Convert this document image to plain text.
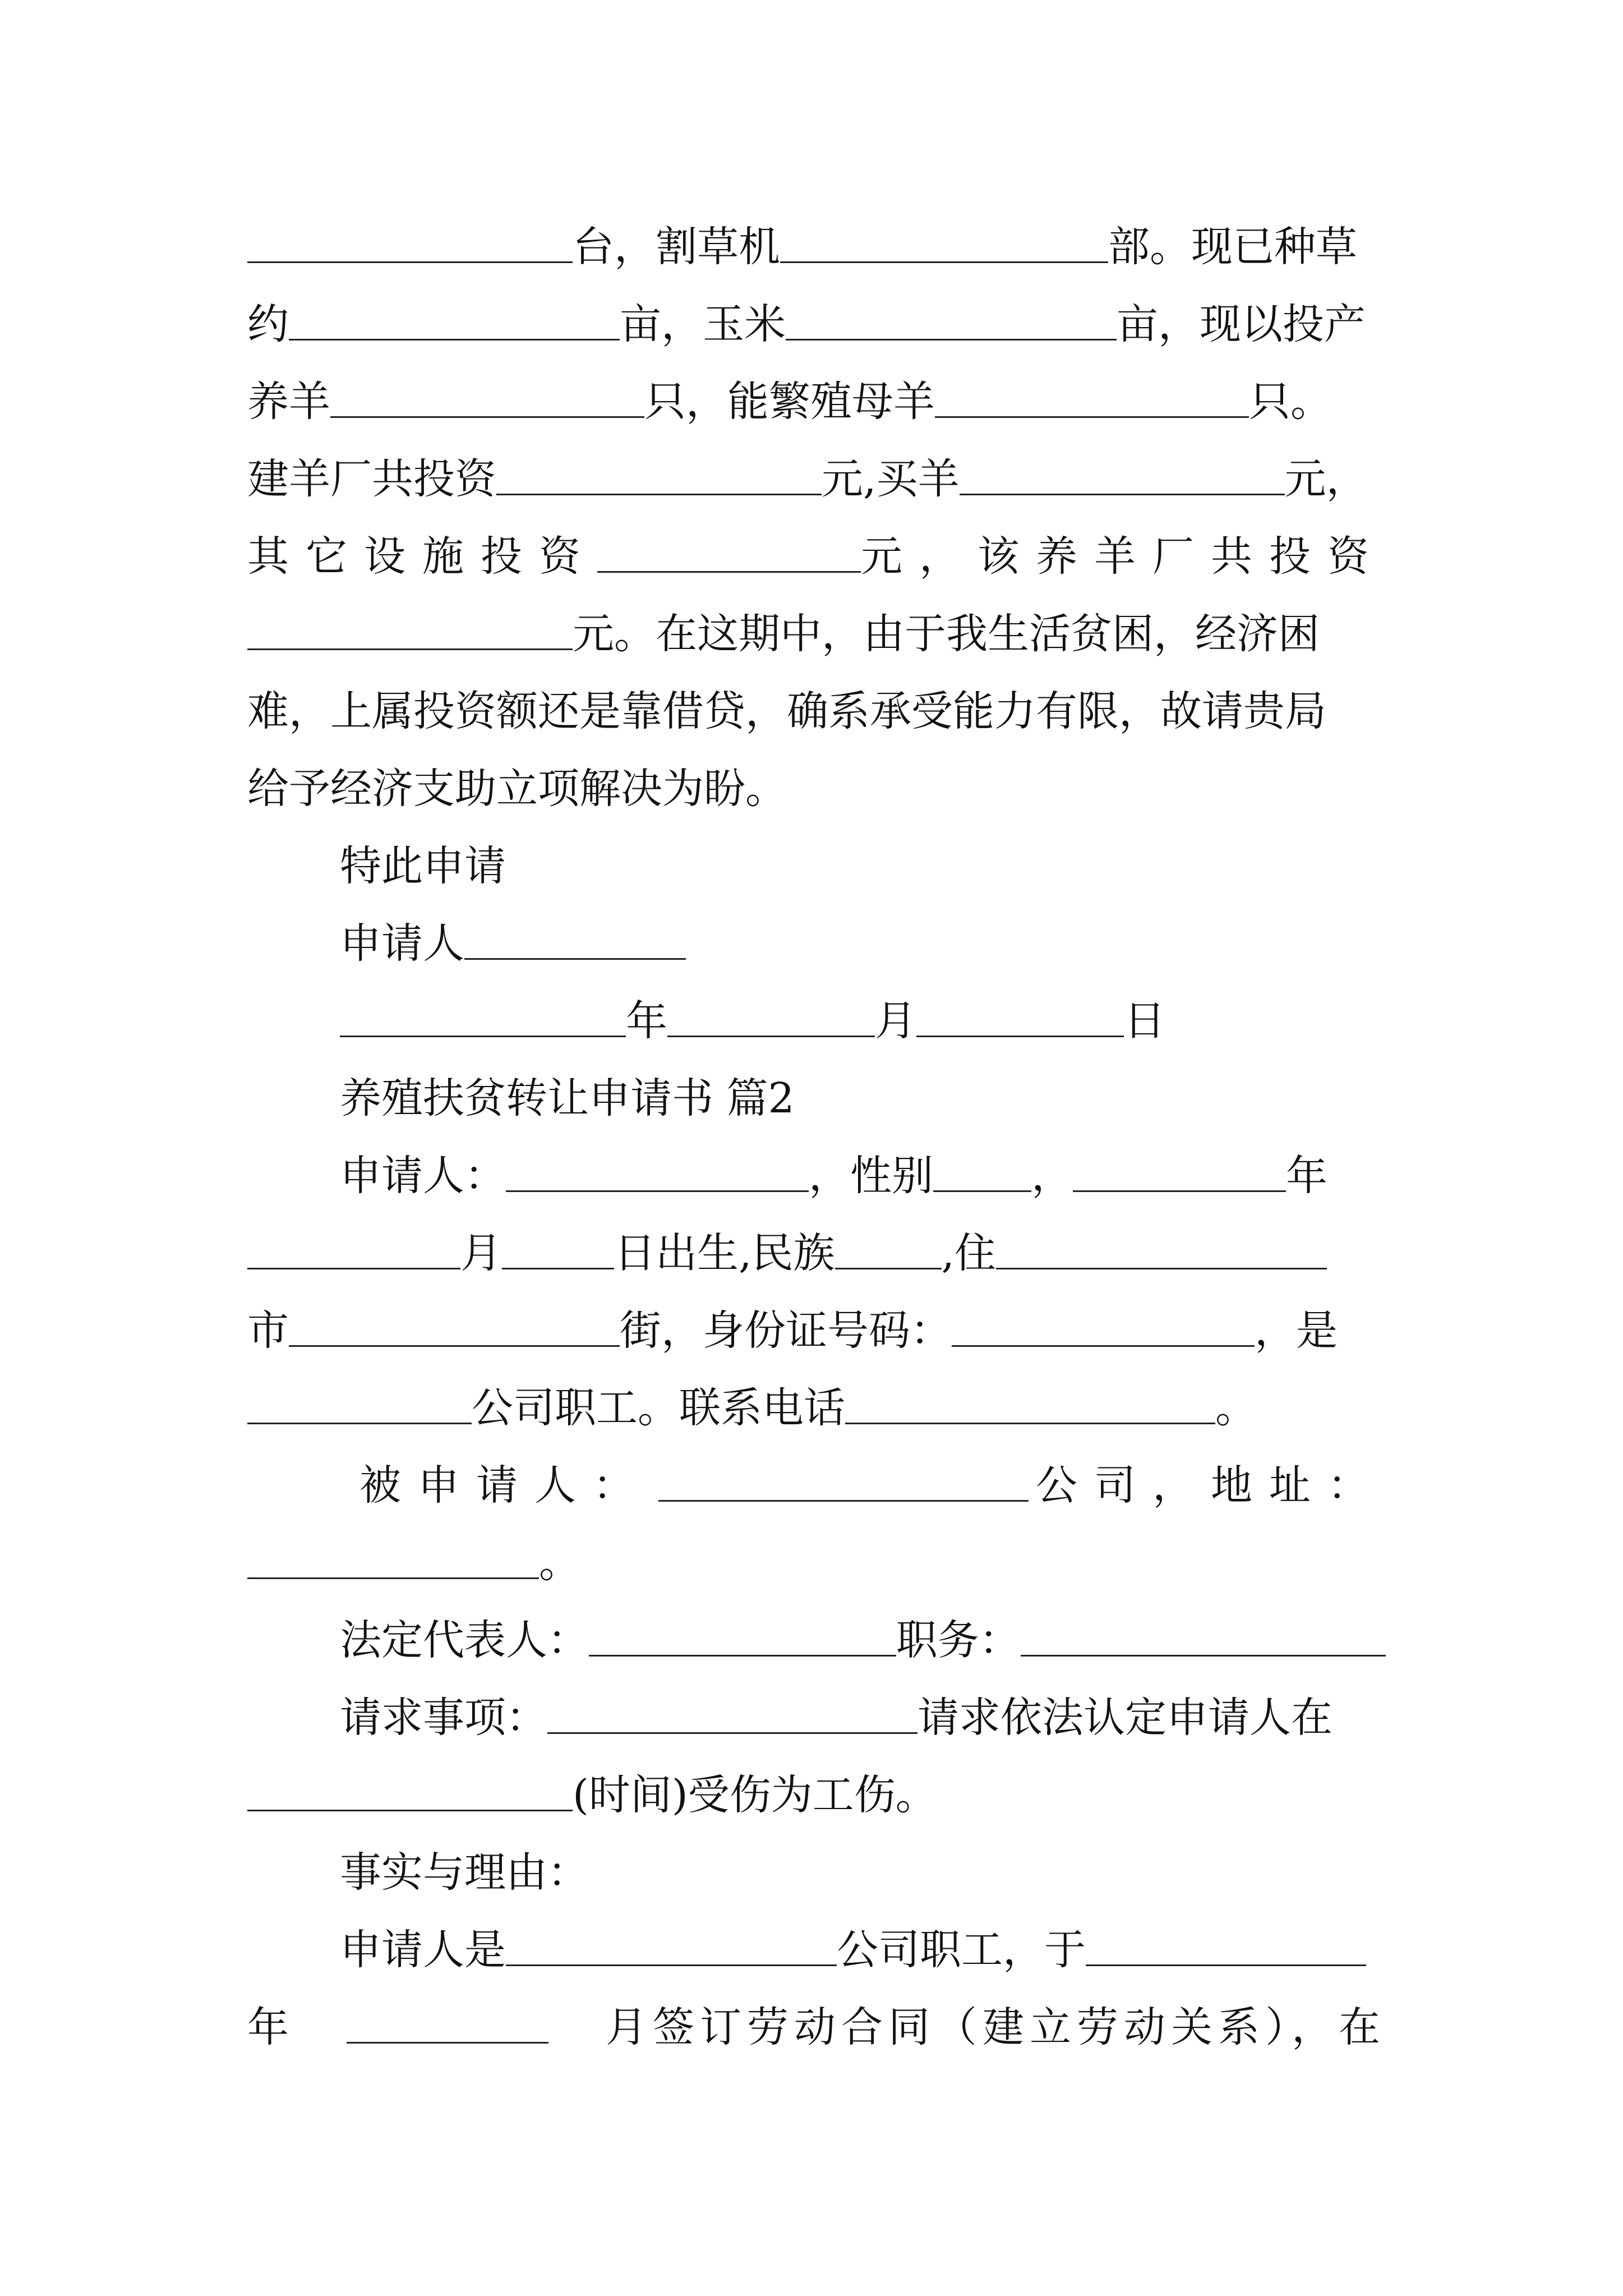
台，割草机	部。现已种草
约	亩，玉米	亩，现以投产
养羊	只，能繁殖母羊	只。
建羊厂共投资	元,买羊	元，
其它设施投资	元，该养羊厂共投资
元。在这期中，由于我生活贫困，经济困
难，上属投资额还是靠借贷，确系承受能力有限，故请贵局
给予经济支助立项解决为盼。
特此申请
申请人
年	月	日
养殖扶贫转让申请书 篇2
申请人：	，性别 ，	年
月	日出生,民族	,住
市	街，身份证号码：	，是
公司职工。联系电话	。
被申请人：	公司，地址：
。
法定代表人：	职务：
请求事项：	请求依法认定申请人在
(时间)受伤为工伤。
事实与理由：
申请人是	公司职工，于
年	月签订劳动合同（建立劳动关系），在
